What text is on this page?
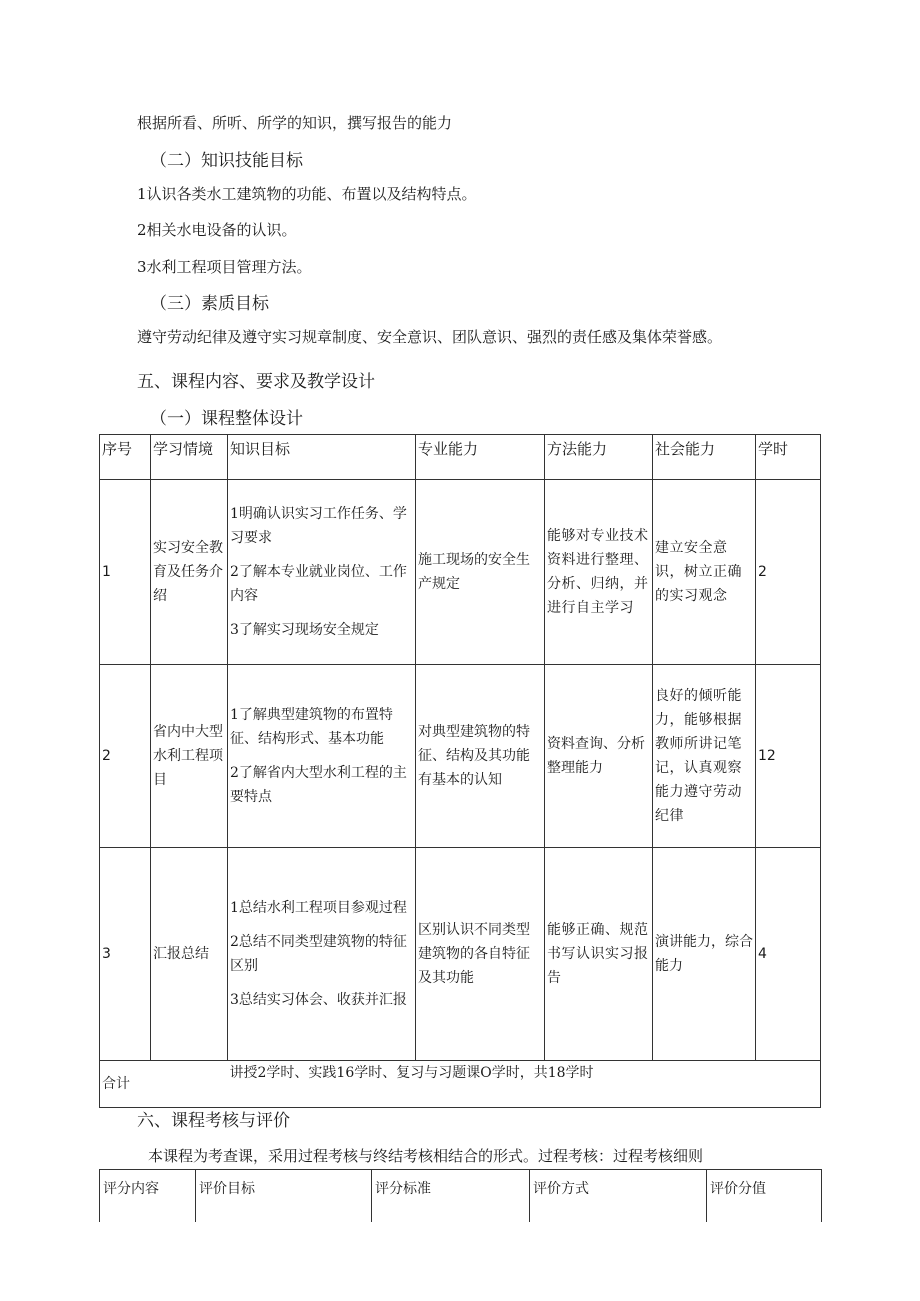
根据所看、所听、所学的知识，撰写报告的能力
（二）知识技能目标
1认识各类水工建筑物的功能、布置以及结构特点。
2相关水电设备的认识。
3水利工程项目管理方法。
（三）素质目标
遵守劳动纪律及遵守实习规章制度、安全意识、团队意识、强烈的责任感及集体荣誉感。
五、课程内容、要求及教学设计
（一）课程整体设计
序号	学习情境	知识目标	专业能力	方法能力	社会能力	学时
1	实习安全教育及任务介绍	1明确认识实习工作任务、学习要求
2了解本专业就业岗位、工作内容
3了解实习现场安全规定	施工现场的安全生产规定	能够对专业技术资料进行整理、分析、归纳，并进行自主学习	建立安全意识，树立正确的实习观念	2
2	省内中大型水利工程项目	1了解典型建筑物的布置特征、结构形式、基本功能
2了解省内大型水利工程的主要特点	对典型建筑物的特征、结构及其功能有基本的认知	资料查询、分析整理能力	良好的倾听能力，能够根据教师所讲记笔记，认真观察能力遵守劳动纪律	12
3	汇报总结	1总结水利工程项目参观过程
2总结不同类型建筑物的特征区别
3总结实习体会、收获并汇报	区别认识不同类型建筑物的各自特征及其功能	能够正确、规范书写认识实习报告	演讲能力，综合能力	4
合计		讲授2学时、实践16学时、复习与习题课O学时，共18学时				
六、课程考核与评价
本课程为考查课，采用过程考核与终结考核相结合的形式。过程考核：过程考核细则
评分内容	评价目标	评分标准	评价方式	评价分值
